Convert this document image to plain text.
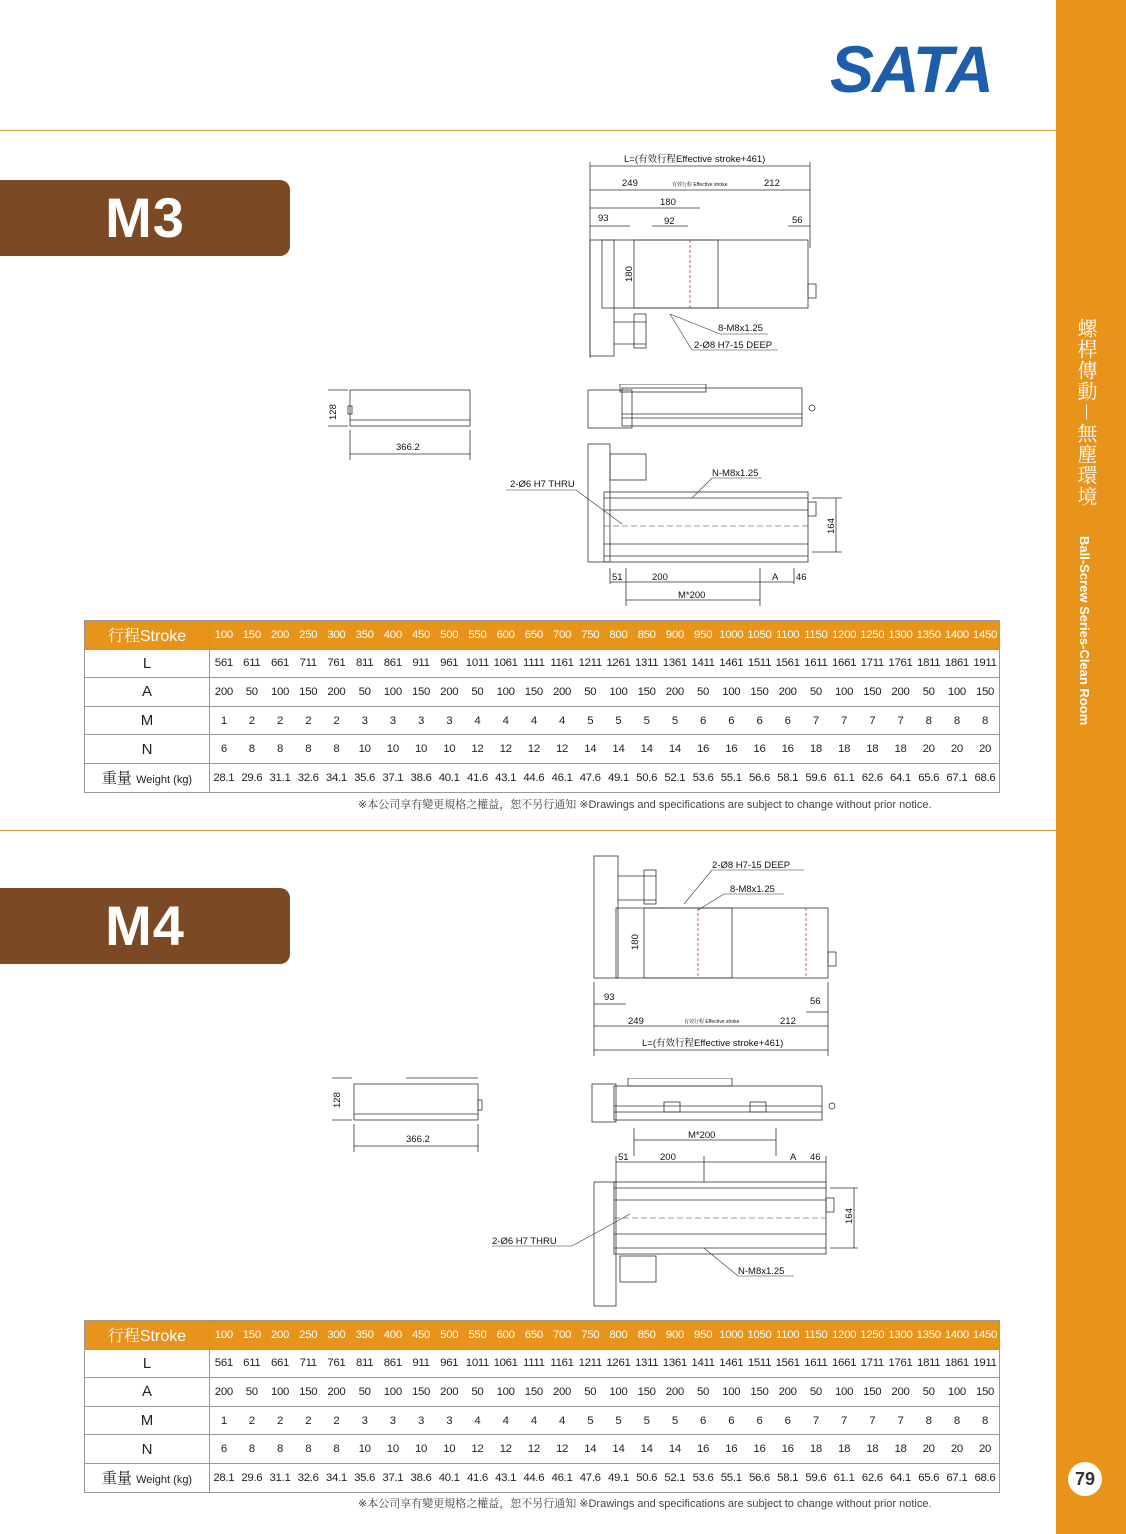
螺桿傳動－無塵環境
Ball-Screw Series-Clean Room
79
SATA
M3
L=(有效行程Effective stroke+461)
249	有效行程 Effective stroke	212
180
93	92	56
180
8-M8x1.25
2-Ø8 H7-15 DEEP
128
366.2
2-Ø6 H7 THRU
N-M8x1.25
164
51	200	A 46
M*200
行程Stroke	100	150	200	250	300	350	400	450	500	550	600	650	700	750	800	850	900	950	1000	1050	1100	1150	1200	1250	1300	1350	1400	1450
L	561	611	661	711	761	811	861	911	961	1011	1061	1111	1161	1211	1261	1311	1361	1411	1461	1511	1561	1611	1661	1711	1761	1811	1861	1911
A	200	50	100	150	200	50	100	150	200	50	100	150	200	50	100	150	200	50	100	150	200	50	100	150	200	50	100	150
M	1	2	2	2	2	3	3	3	3	4	4	4	4	5	5	5	5	6	6	6	6	7	7	7	7	8	8	8
N	6	8	8	8	8	10	10	10	10	12	12	12	12	14	14	14	14	16	16	16	16	18	18	18	18	20	20	20
重量 Weight (kg)	28.1	29.6	31.1	32.6	34.1	35.6	37.1	38.6	40.1	41.6	43.1	44.6	46.1	47.6	49.1	50.6	52.1	53.6	55.1	56.6	58.1	59.6	61.1	62.6	64.1	65.6	67.1	68.6
※本公司享有變更規格之權益，恕不另行通知 ※Drawings and specifications are subject to change without prior notice.
M4
2-Ø8 H7-15 DEEP
8-M8x1.25
180
93	56
249	有效行程 Effective stroke	212
L=(有效行程Effective stroke+461)
128
366.2	M*200
51	200	A 46
164
2-Ø6 H7 THRU
N-M8x1.25
行程Stroke	100	150	200	250	300	350	400	450	500	550	600	650	700	750	800	850	900	950	1000	1050	1100	1150	1200	1250	1300	1350	1400	1450
L	561	611	661	711	761	811	861	911	961	1011	1061	1111	1161	1211	1261	1311	1361	1411	1461	1511	1561	1611	1661	1711	1761	1811	1861	1911
A	200	50	100	150	200	50	100	150	200	50	100	150	200	50	100	150	200	50	100	150	200	50	100	150	200	50	100	150
M	1	2	2	2	2	3	3	3	3	4	4	4	4	5	5	5	5	6	6	6	6	7	7	7	7	8	8	8
N	6	8	8	8	8	10	10	10	10	12	12	12	12	14	14	14	14	16	16	16	16	18	18	18	18	20	20	20
重量 Weight (kg)	28.1	29.6	31.1	32.6	34.1	35.6	37.1	38.6	40.1	41.6	43.1	44.6	46.1	47.6	49.1	50.6	52.1	53.6	55.1	56.6	58.1	59.6	61.1	62.6	64.1	65.6	67.1	68.6
※本公司享有變更規格之權益，恕不另行通知 ※Drawings and specifications are subject to change without prior notice.
